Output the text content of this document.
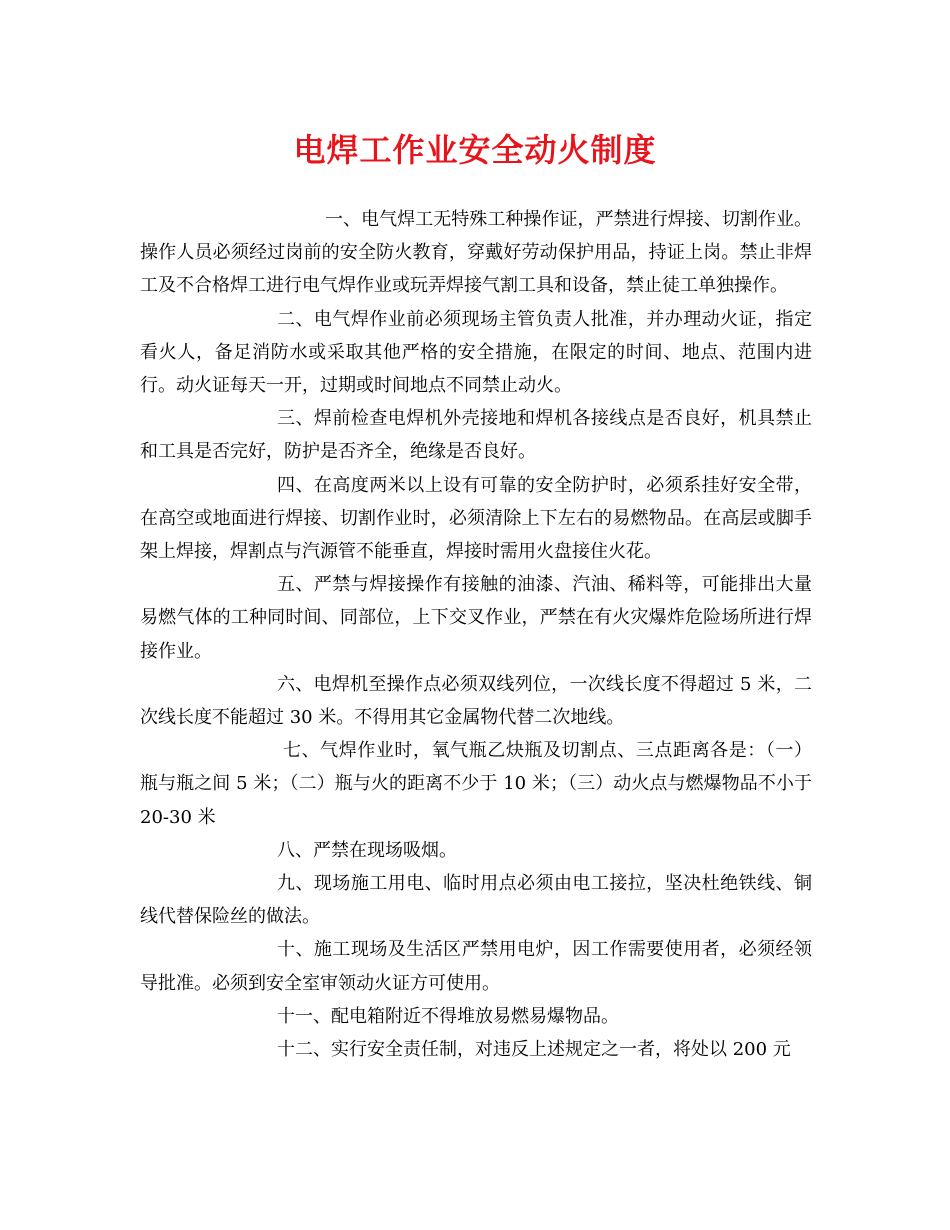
电焊工作业安全动火制度

一、电气焊工无特殊工种操作证，严禁进行焊接、切割作业。操作人员必须经过岗前的安全防火教育，穿戴好劳动保护用品，持证上岗。禁止非焊工及不合格焊工进行电气焊作业或玩弄焊接气割工具和设备，禁止徒工单独操作。

二、电气焊作业前必须现场主管负责人批准，并办理动火证，指定看火人，备足消防水或采取其他严格的安全措施，在限定的时间、地点、范围内进行。动火证每天一开，过期或时间地点不同禁止动火。

三、焊前检查电焊机外壳接地和焊机各接线点是否良好，机具禁止和工具是否完好，防护是否齐全，绝缘是否良好。

四、在高度两米以上设有可靠的安全防护时，必须系挂好安全带，在高空或地面进行焊接、切割作业时，必须清除上下左右的易燃物品。在高层或脚手架上焊接，焊割点与汽源管不能垂直，焊接时需用火盘接住火花。

五、严禁与焊接操作有接触的油漆、汽油、稀料等，可能排出大量易燃气体的工种同时间、同部位，上下交叉作业，严禁在有火灾爆炸危险场所进行焊接作业。

六、电焊机至操作点必须双线列位，一次线长度不得超过 5 米，二次线长度不能超过 30 米。不得用其它金属物代替二次地线。

七、气焊作业时，氧气瓶乙炔瓶及切割点、三点距离各是：（一）瓶与瓶之间 5 米；（二）瓶与火的距离不少于 10 米；（三）动火点与燃爆物品不小于 20-30 米

八、严禁在现场吸烟。

九、现场施工用电、临时用点必须由电工接拉，坚决杜绝铁线、铜线代替保险丝的做法。

十、施工现场及生活区严禁用电炉，因工作需要使用者，必须经领导批准。必须到安全室审领动火证方可使用。

十一、配电箱附近不得堆放易燃易爆物品。

十二、实行安全责任制，对违反上述规定之一者，将处以 200 元
